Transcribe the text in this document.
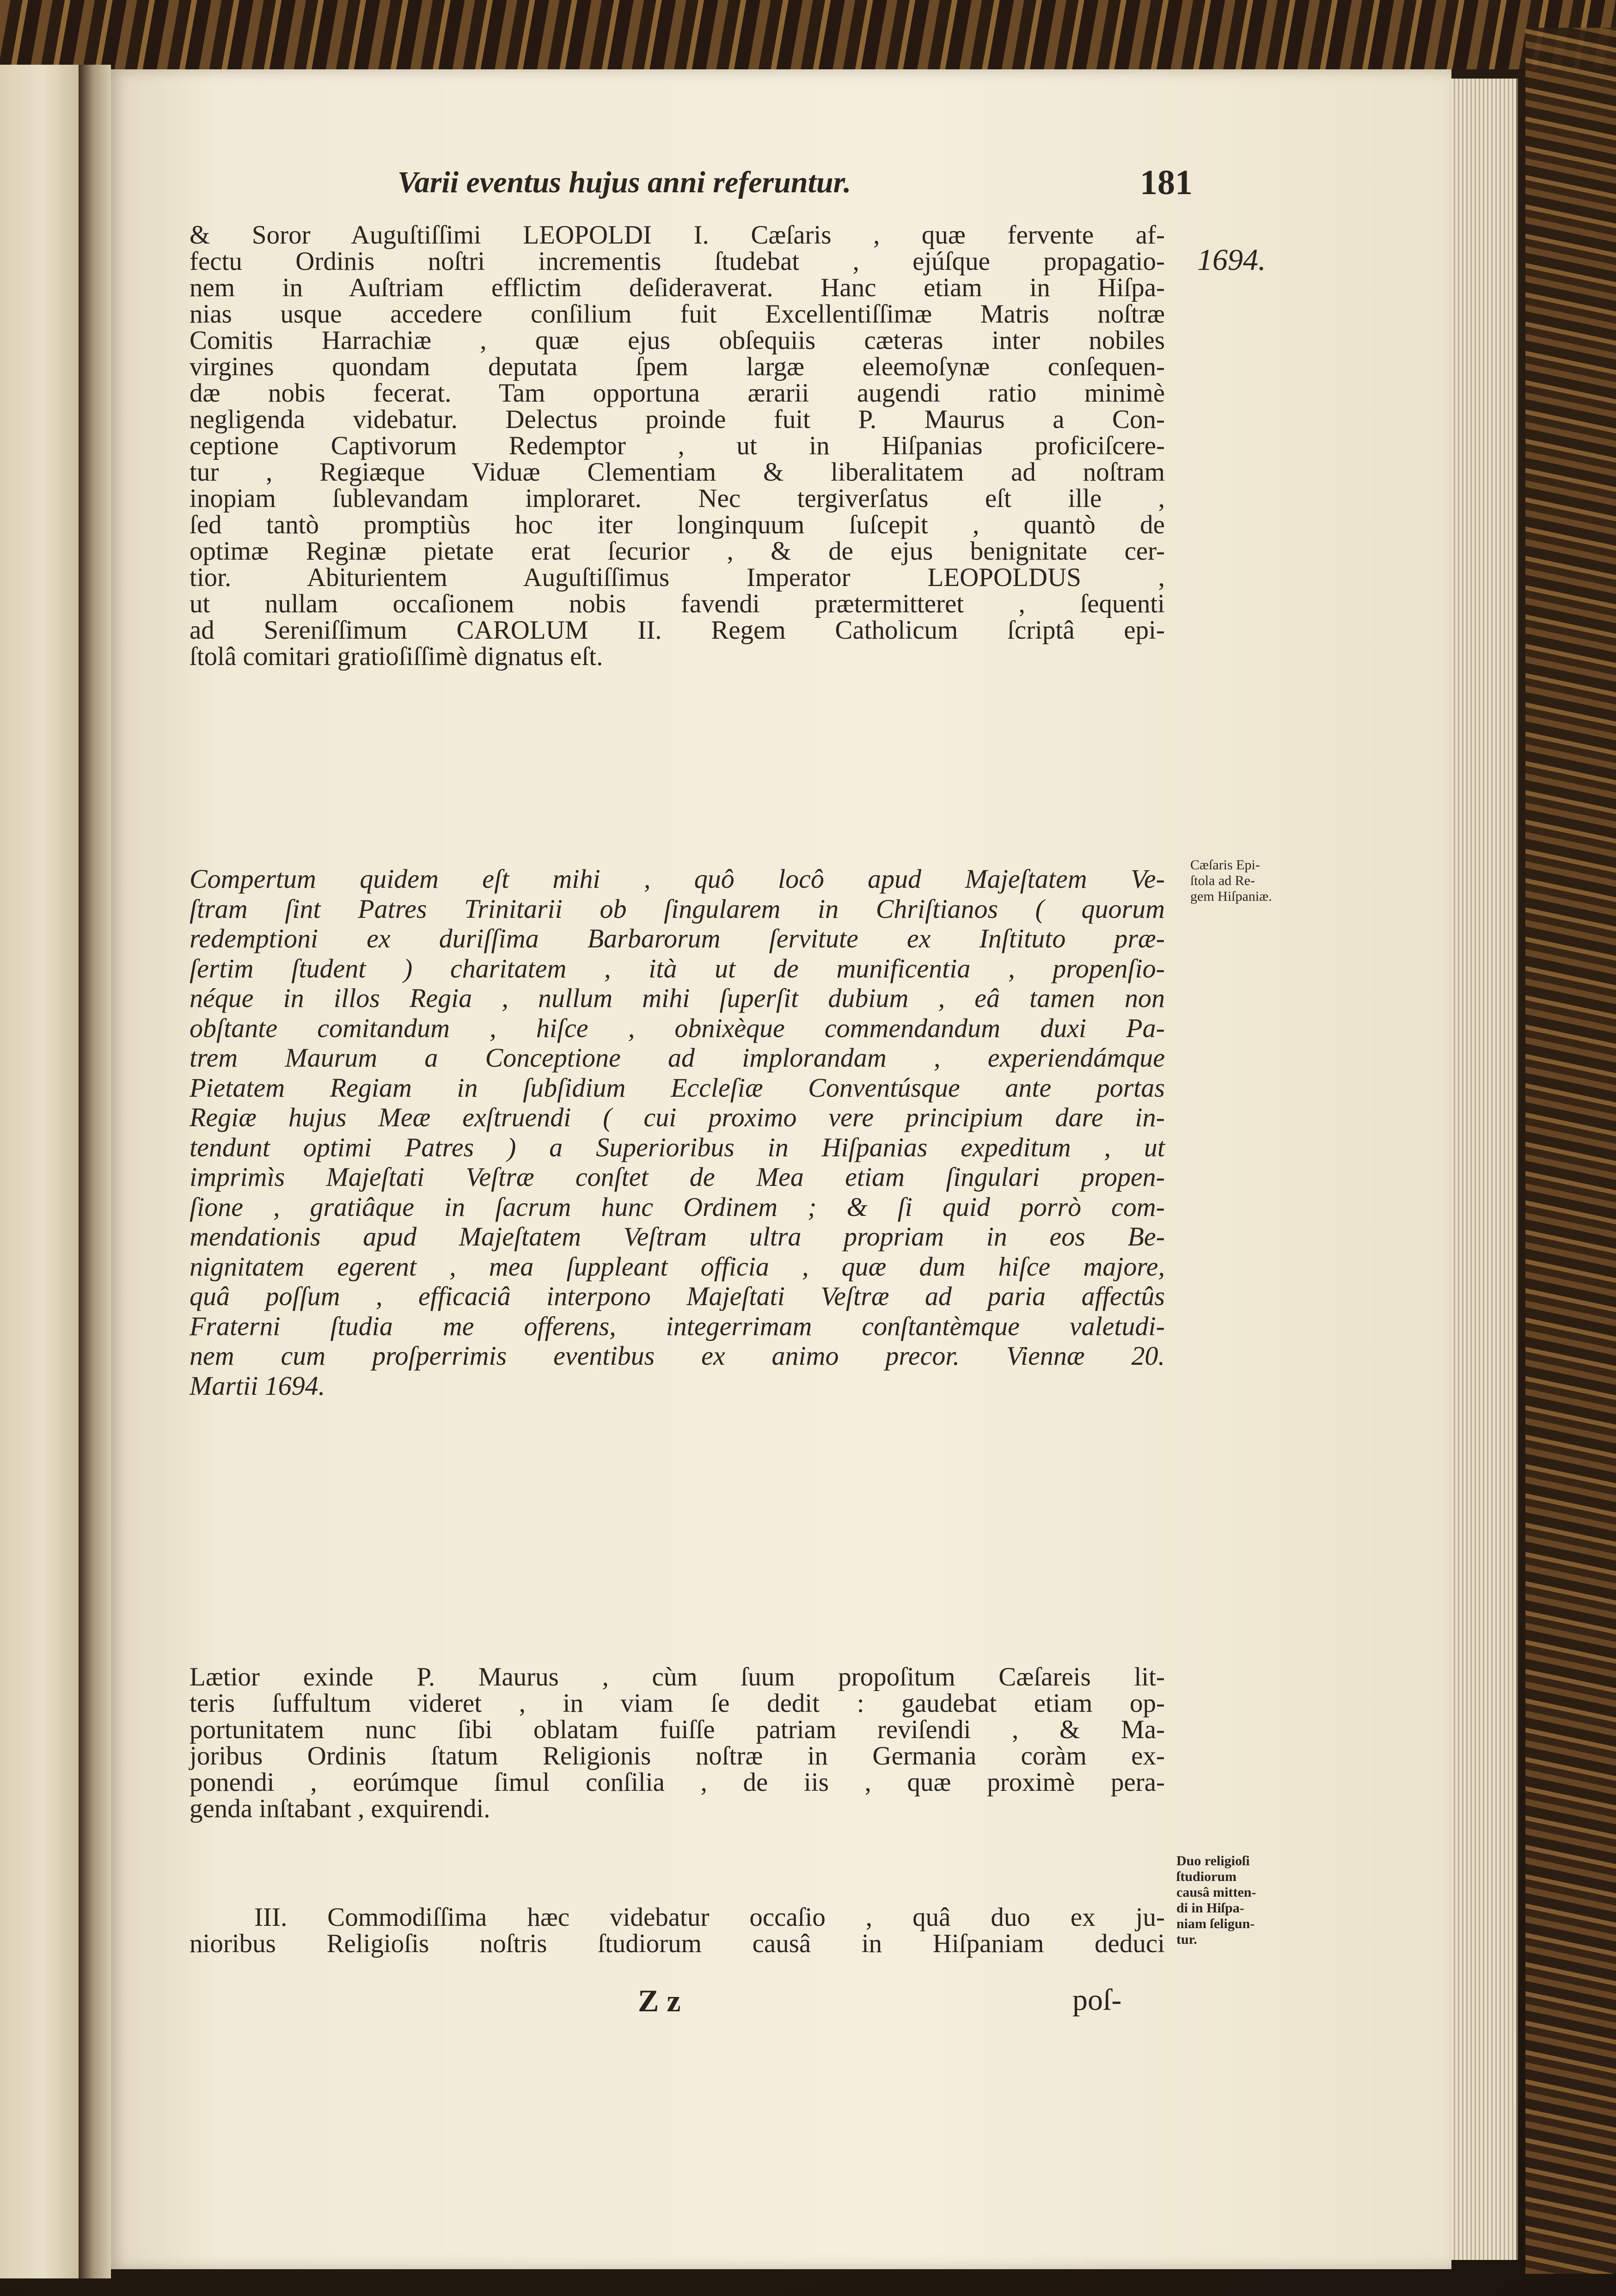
Varii eventus hujus anni referuntur.	181
1694.
& Soror Auguſtiſſimi LEOPOLDI I. Cæſaris , quæ fervente af-
fectu Ordinis noſtri incrementis ſtudebat , ejúſque propagatio-
nem in Auſtriam efflictim deſideraverat. Hanc etiam in Hiſpa-
nias usque accedere conſilium fuit Excellentiſſimæ Matris noſtræ
Comitis Harrachiæ , quæ ejus obſequiis cæteras inter nobiles
virgines quondam deputata ſpem largæ eleemoſynæ conſequen-
dæ nobis fecerat. Tam opportuna ærarii augendi ratio minimè
negligenda videbatur. Delectus proinde fuit P. Maurus a Con-
ceptione Captivorum Redemptor , ut in Hiſpanias proficiſcere-
tur , Regiæque Viduæ Clementiam & liberalitatem ad noſtram
inopiam ſublevandam imploraret. Nec tergiverſatus eſt ille ,
ſed tantò promptiùs hoc iter longinquum ſuſcepit , quantò de
optimæ Reginæ pietate erat ſecurior , & de ejus benignitate cer-
tior. Abiturientem Auguſtiſſimus Imperator LEOPOLDUS ,
ut nullam occaſionem nobis favendi prætermitteret , ſequenti
ad Sereniſſimum CAROLUM II. Regem Catholicum ſcriptâ epi-
ſtolâ comitari gratioſiſſimè dignatus eſt.
Cæſaris Epi-
ſtola ad Re-
gem Hiſpaniæ.
Compertum quidem eſt mihi , quô locô apud Majeſtatem Ve-
ſtram ſint Patres Trinitarii ob ſingularem in Chriſtianos ( quorum
redemptioni ex duriſſima Barbarorum ſervitute ex Inſtituto præ-
ſertim ſtudent ) charitatem , ità ut de munificentia , propenſio-
néque in illos Regia , nullum mihi ſuperſit dubium , eâ tamen non
obſtante comitandum , hiſce , obnixèque commendandum duxi Pa-
trem Maurum a Conceptione ad implorandam , experiendámque
Pietatem Regiam in ſubſidium Eccleſiæ Conventúsque ante portas
Regiæ hujus Meæ exſtruendi ( cui proximo vere principium dare in-
tendunt optimi Patres ) a Superioribus in Hiſpanias expeditum , ut
imprimìs Majeſtati Veſtræ conſtet de Mea etiam ſingulari propen-
ſione , gratiâque in ſacrum hunc Ordinem ; & ſi quid porrò com-
mendationis apud Majeſtatem Veſtram ultra propriam in eos Be-
nignitatem egerent , mea ſuppleant officia , quæ dum hiſce majore,
quâ poſſum , efficaciâ interpono Majeſtati Veſtræ ad paria affectûs
Fraterni ſtudia me offerens, integerrimam conſtantèmque valetudi-
nem cum proſperrimis eventibus ex animo precor. Viennæ 20.
Martii 1694.
Lætior exinde P. Maurus , cùm ſuum propoſitum Cæſareis lit-
teris ſuffultum videret , in viam ſe dedit : gaudebat etiam op-
portunitatem nunc ſibi oblatam fuiſſe patriam reviſendi , & Ma-
joribus Ordinis ſtatum Religionis noſtræ in Germania coràm ex-
ponendi , eorúmque ſimul conſilia , de iis , quæ proximè pera-
genda inſtabant , exquirendi.
III. Commodiſſima hæc videbatur occaſio , quâ duo ex ju-
nioribus Religioſis noſtris ſtudiorum causâ in Hiſpaniam deduci
Duo religioſi
ſtudiorum
causâ mitten-
di in Hiſpa-
niam ſeligun-
tur.
Z z	poſ-
